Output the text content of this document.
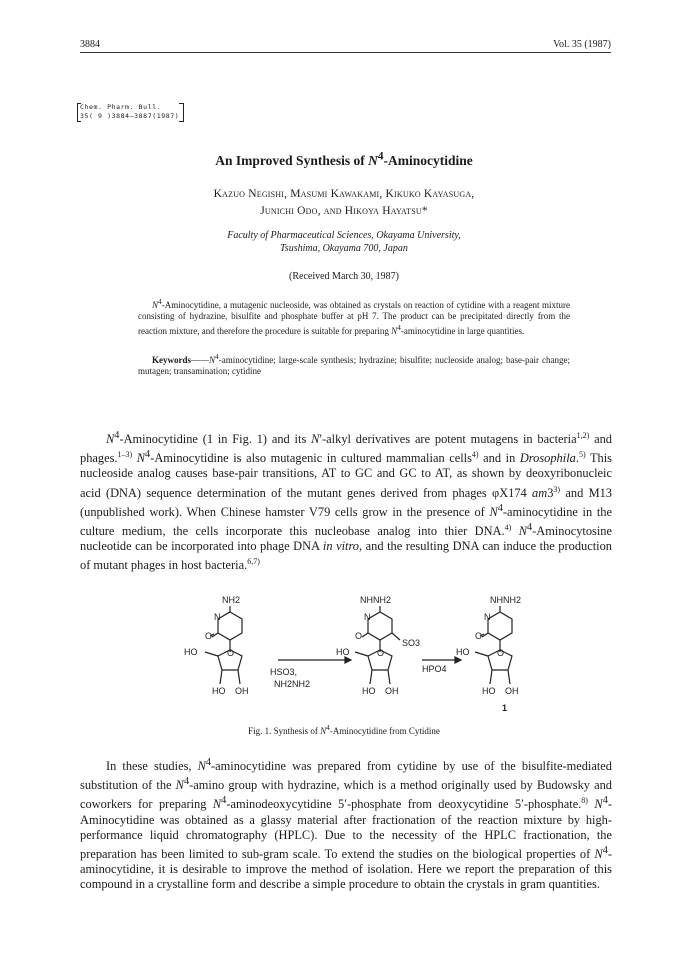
3884	Vol. 35 (1987)
Chem. Pharm. Bull.
35( 9 )3884—3887(1987)
An Improved Synthesis of $N^4$-Aminocytidine
Kazuo Negishi, Masumi Kawakami, Kikuko Kayasuga,
Junichi Odo, and Hikoya Hayatsu*
Faculty of Pharmaceutical Sciences, Okayama University,
Tsushima, Okayama 700, Japan
(Received March 30, 1987)
$N^4$-Aminocytidine, a mutagenic nucleoside, was obtained as crystals on reaction of cytidine with a reagent mixture consisting of hydrazine, bisulfite and phosphate buffer at pH 7. The product can be precipitated directly from the reaction mixture, and therefore the procedure is suitable for preparing $N^4$-aminocytidine in large quantities.
$Keywords——N^4$-aminocytidine; large-scale synthesis; hydrazine; bisulfite; nucleoside analog; base-pair change; mutagen; transamination; cytidine
$N^4$-Aminocytidine (1 in Fig. 1) and its N′-alkyl derivatives are potent mutagens in bacteria$^{1,2)}$ and phages.$^{1-3)}$ $N^4$-Aminocytidine is also mutagenic in cultured mammalian cells$^{4)}$ and in Drosophila.$^{5)}$ This nucleoside analog causes base-pair transitions, AT to GC and GC to AT, as shown by deoxyribonucleic acid (DNA) sequence determination of the mutant genes derived from phages φX174 am3$^{3)}$ and M13 (unpublished work). When Chinese hamster V79 cells grow in the presence of $N^4$-aminocytidine in the culture medium, the cells incorporate this nucleobase analog into thier DNA.$^{4)}$ $N^4$-Aminocytosine nucleotide can be incorporated into phage DNA in vitro, and the resulting DNA can induce the production of mutant phages in host bacteria.$^{6,7)}$
NH2
N
O
O
HO
HO OH
HSO3,
NH2NH2
NHNH2
N
O
SO3
O
HO
HO OH
HPO4
NHNH2
N
O
O
HO
HO OH
1
Fig. 1. Synthesis of $N^4$-Aminocytidine from Cytidine
In these studies, $N^4$-aminocytidine was prepared from cytidine by use of the bisulfite-mediated substitution of the $N^4$-amino group with hydrazine, which is a method originally used by Budowsky and coworkers for preparing $N^4$-aminodeoxycytidine 5′-phosphate from deoxycytidine 5′-phosphate.$^{8)}$ $N^4$-Aminocytidine was obtained as a glassy material after fractionation of the reaction mixture by high-performance liquid chromatography (HPLC). Due to the necessity of the HPLC fractionation, the preparation has been limited to sub-gram scale. To extend the studies on the biological properties of $N^4$-aminocytidine, it is desirable to improve the method of isolation. Here we report the preparation of this compound in a crystalline form and describe a simple procedure to obtain the crystals in gram quantities.
